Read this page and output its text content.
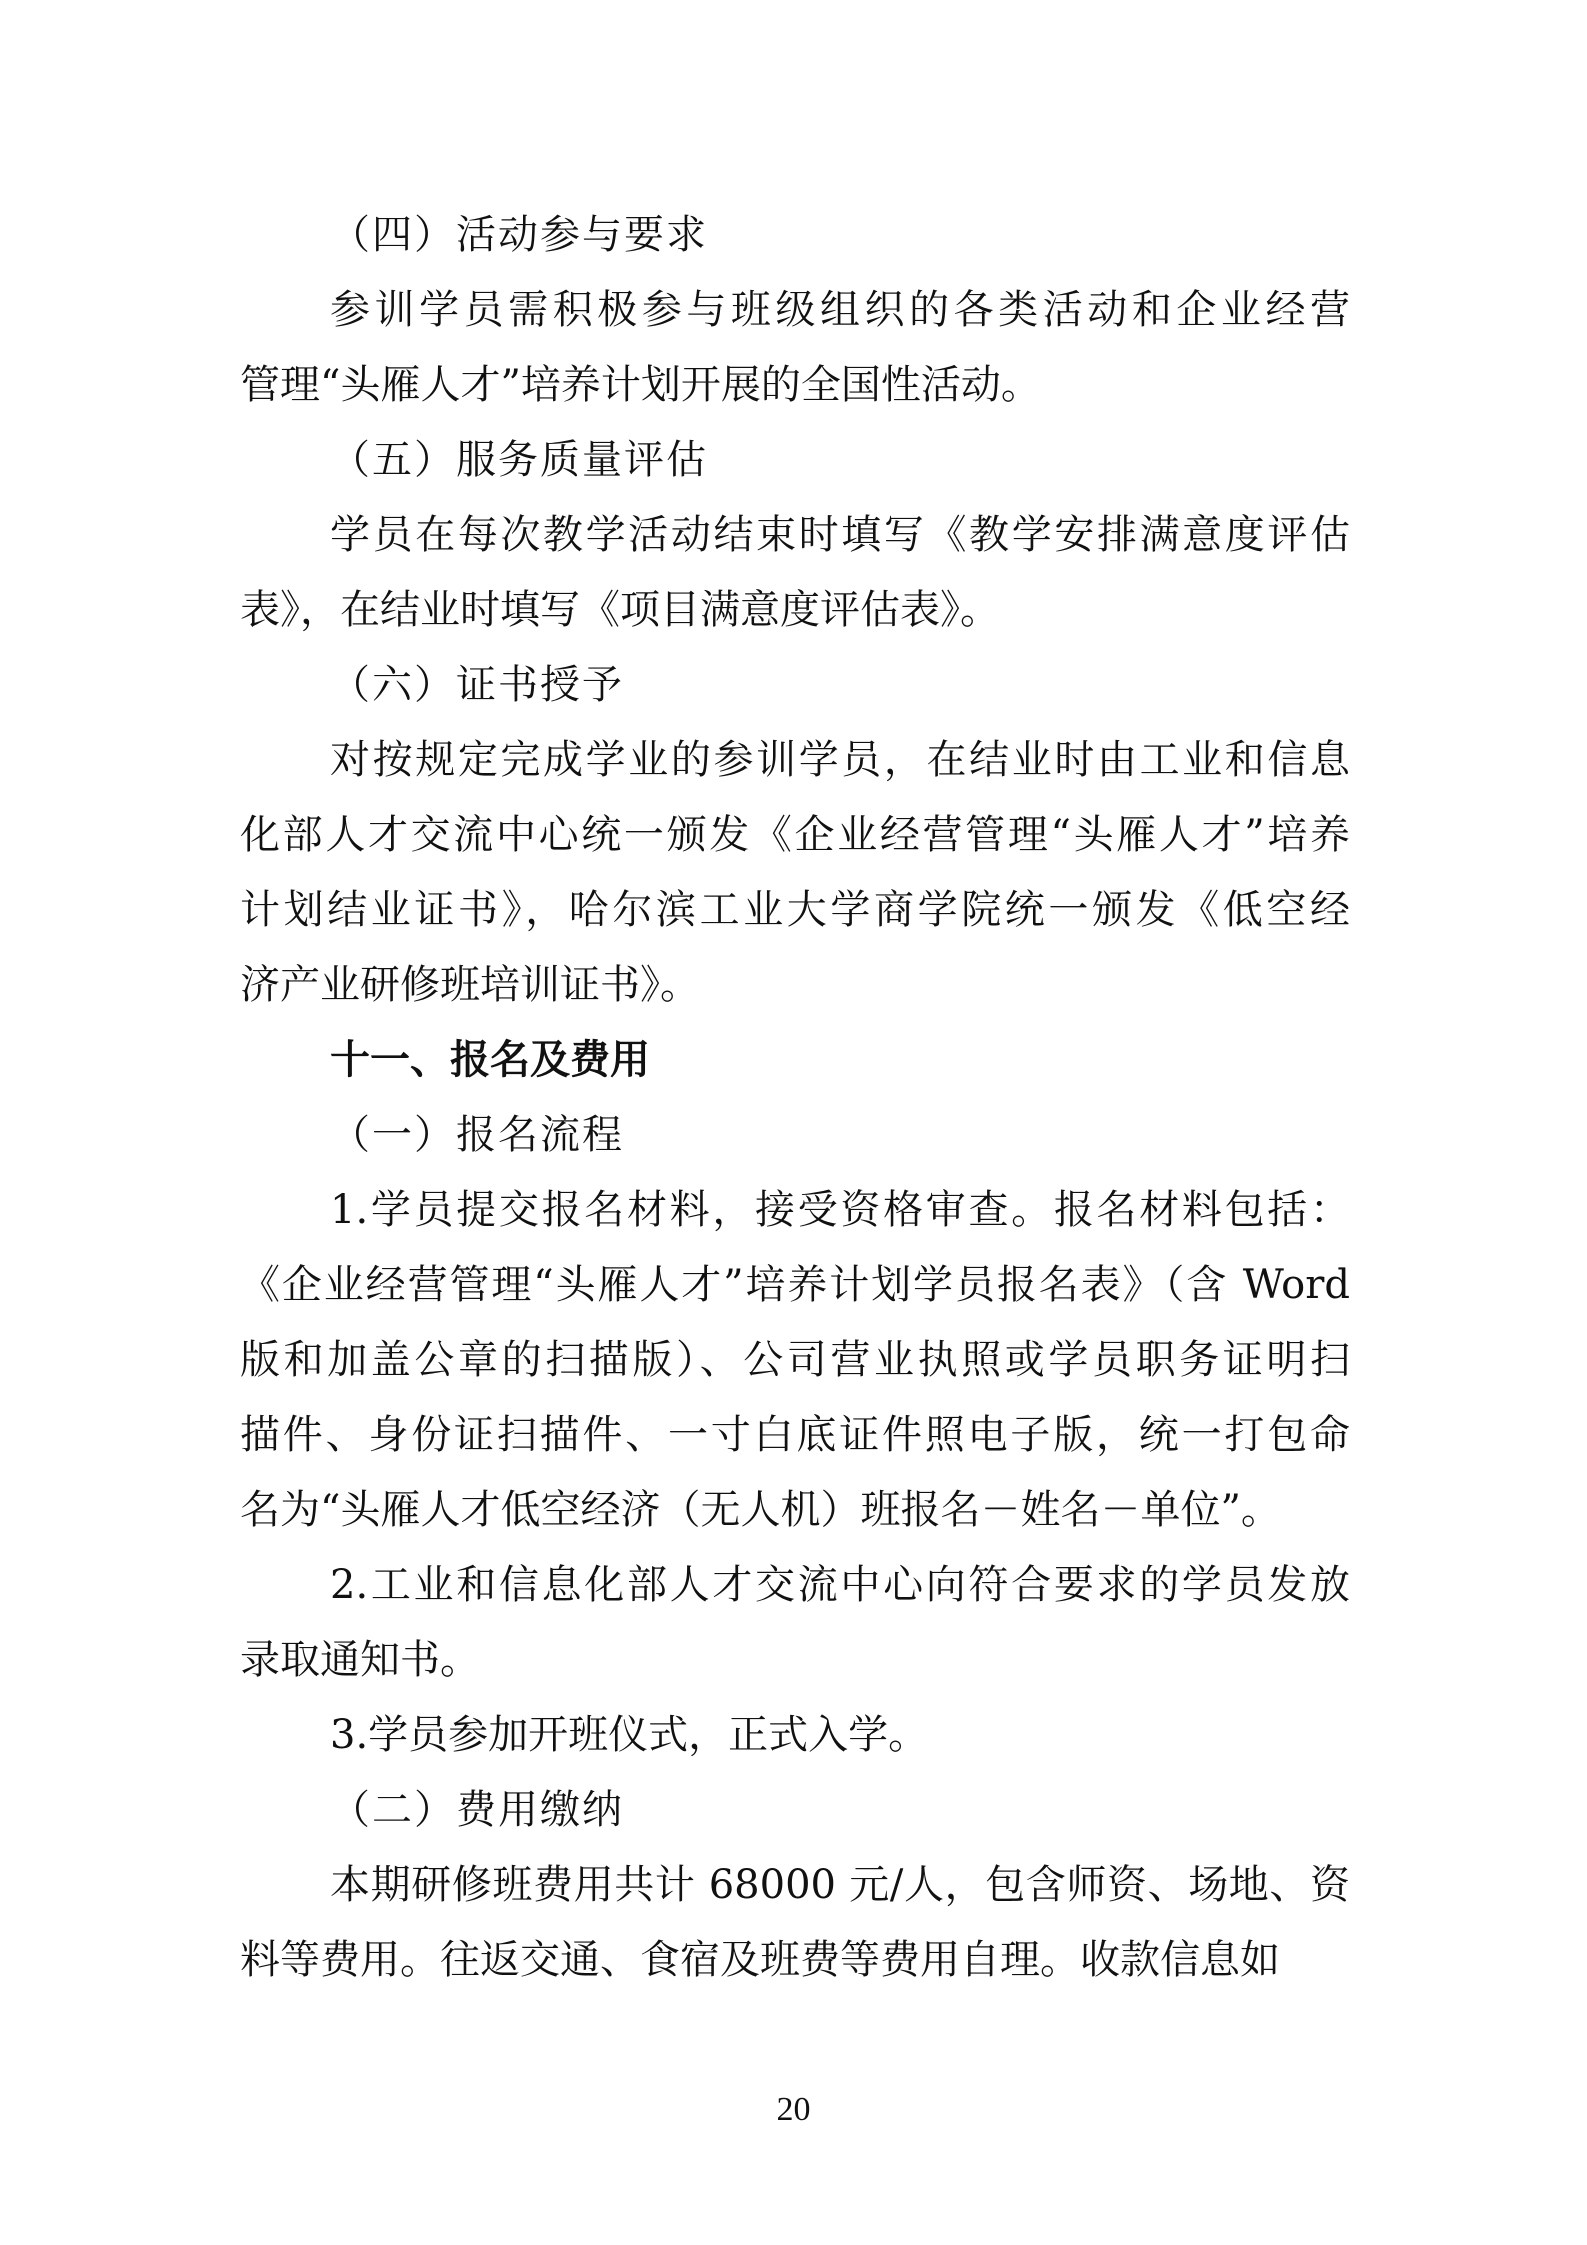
（四）活动参与要求
参训学员需积极参与班级组织的各类活动和企业经营
管理“头雁人才”培养计划开展的全国性活动。
（五）服务质量评估
学员在每次教学活动结束时填写《教学安排满意度评估
表》，在结业时填写《项目满意度评估表》。
（六）证书授予
对按规定完成学业的参训学员，在结业时由工业和信息
化部人才交流中心统一颁发《企业经营管理“头雁人才”培养
计划结业证书》，哈尔滨工业大学商学院统一颁发《低空经
济产业研修班培训证书》。
十一、报名及费用
（一）报名流程
1.学员提交报名材料，接受资格审查。报名材料包括：
《企业经营管理“头雁人才”培养计划学员报名表》（含 Word
版和加盖公章的扫描版）、公司营业执照或学员职务证明扫
描件、身份证扫描件、一寸白底证件照电子版，统一打包命
名为“头雁人才低空经济（无人机）班报名－姓名－单位”。
2.工业和信息化部人才交流中心向符合要求的学员发放
录取通知书。
3.学员参加开班仪式，正式入学。
（二）费用缴纳
本期研修班费用共计 68000 元/人，包含师资、场地、资
料等费用。往返交通、食宿及班费等费用自理。收款信息如
20
